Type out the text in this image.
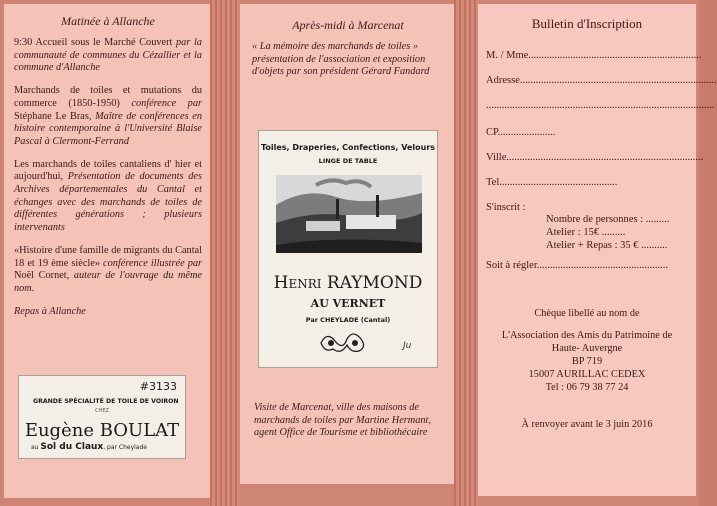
Matinée à Allanche

9:30 Accueil sous le Marché Couvert par la communauté de communes du Cézallier et la commune d'Allanche

Marchands de toiles et mutations du commerce (1850-1950) conférence par Stéphane Le Bras, Maître de conférences en histoire contemporaine à l'Université Blaise Pascal à Clermont-Ferrand

Les marchands de toiles cantaliens d' hier et aujourd'hui, Présentation de documents des Archives départementales du Cantal et échanges avec des marchands de toiles de différentes générations ; plusieurs intervenants

«Histoire d'une famille de migrants du Cantal 18 et 19 ème siècle» conférence illustrée par Noël Cornet, auteur de l'ouvrage du même nom.

Repas à Allanche

#3133
GRANDE SPÉCIALITÉ DE TOILE DE VOIRON
CHEZ
Eugène BOULAT
au Sol du Claux, par Cheylade

Après-midi à Marcenat

« La mémoire des marchands de toiles » présentation de l'association et exposition d'objets par son président Gérard Fandard

Visite de Marcenat, ville des maisons de marchands de toiles par Martine Hermant, agent Office de Tourisme et bibliothécaire

Toiles, Draperies, Confections, Velours
LINGE DE TABLE
Henri RAYMOND
AU VERNET
Par CHEYLADE (Cantal)
Ju

Bulletin d'Inscription

M. / Mme..................................................................
Adresse...........................................................................
.......................................................................................
CP......................
Ville...........................................................................
Tel.............................................
S'inscrit :
Nombre de personnes : .........
Atelier : 15€ .........
Atelier + Repas : 35 € ..........
Soit à régler..................................................
Chèque libellé au nom de
L'Association des Amis du Patrimoine de Haute- Auvergne
BP 719
15007 AURILLAC CEDEX
Tel : 06 79 38 77 24
À renvoyer avant le 3 juin 2016
